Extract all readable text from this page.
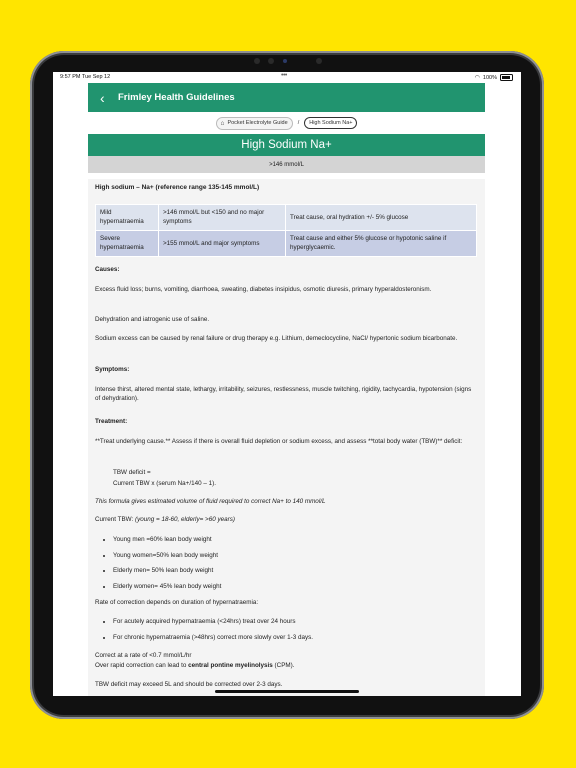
9:57 PM Tue Sep 12	•••	◠ 100%
‹	Frimley Health Guidelines
⌂ Pocket Electrolyte Guide / High Sodium Na+
High Sodium Na+
>146 mmol/L

High sodium – Na+ (reference range 135-145 mmol/L)

Mild hypernatraemia	>146 mmol/L but <150 and no major symptoms	Treat cause, oral hydration +/- 5% glucose
Severe hypernatraemia	>155 mmol/L and major symptoms	Treat cause and either 5% glucose or hypotonic saline if hyperglycaemic.

Causes:

Excess fluid loss; burns, vomiting, diarrhoea, sweating, diabetes insipidus, osmotic diuresis, primary hyperaldosteronism.

Dehydration and iatrogenic use of saline.

Sodium excess can be caused by renal failure or drug therapy e.g. Lithium, demeclocycline, NaCl/ hypertonic sodium bicarbonate.

Symptoms:

Intense thirst, altered mental state, lethargy, irritability, seizures, restlessness, muscle twitching, rigidity, tachycardia, hypotension (signs of dehydration).

Treatment:

**Treat underlying cause.** Assess if there is overall fluid depletion or sodium excess, and assess **total body water (TBW)** deficit:

TBW deficit =
Current TBW x (serum Na+/140 – 1).

This formula gives estimated volume of fluid required to correct Na+ to 140 mmol/L

Current TBW: (young = 18-60, elderly= >60 years)

• Young men =60% lean body weight
• Young women=50% lean body weight
• Elderly men= 50% lean body weight
• Elderly women= 45% lean body weight

Rate of correction depends on duration of hypernatraemia:

• For acutely acquired hypernatraemia (<24hrs) treat over 24 hours
• For chronic hypernatraemia (>48hrs) correct more slowly over 1-3 days.

Correct at a rate of <0.7 mmol/L/hr

Over rapid correction can lead to central pontine myelinolysis (CPM).

TBW deficit may exceed 5L and should be corrected over 2-3 days.
